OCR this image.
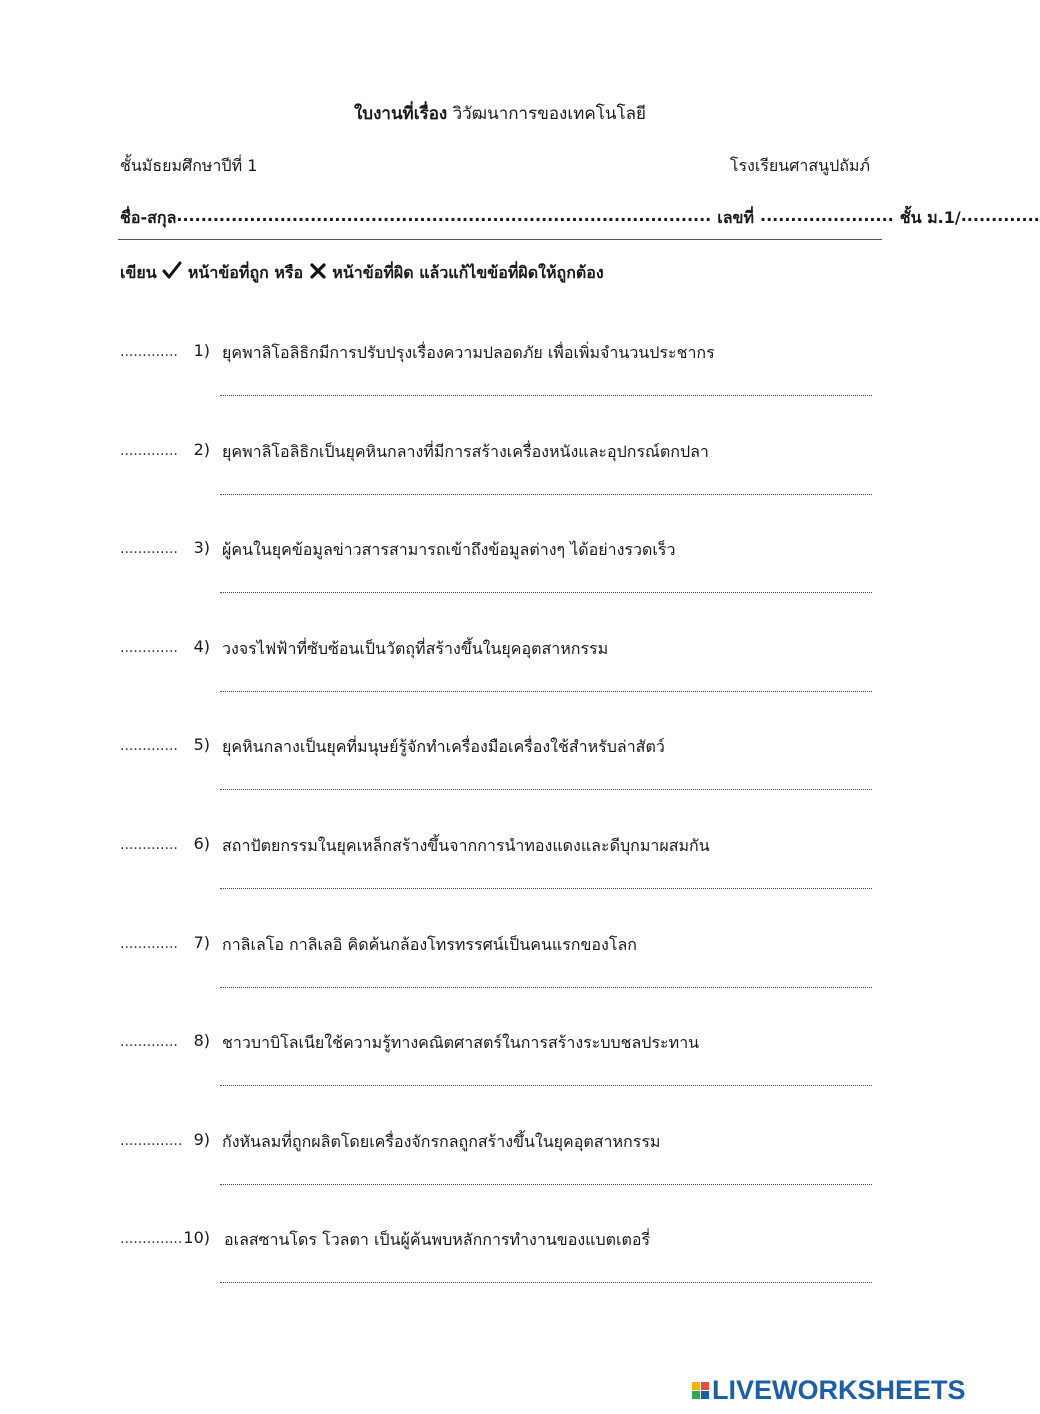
ใบงานที่เรื่อง วิวัฒนาการของเทคโนโลยี
ชั้นมัธยมศึกษาปีที่ 1	โรงเรียนศาสนูปถัมภ์
ชื่อ-สกุล ........................................................................................ เลขที่ ...................... ชั้น ม.1/ .............
เขียน หน้าข้อที่ถูก หรือ หน้าข้อที่ผิด แล้วแก้ไขข้อที่ผิดให้ถูกต้อง
............. 1) ยุคพาลิโอลิธิกมีการปรับปรุงเรื่องความปลอดภัย เพื่อเพิ่มจำนวนประชากร
............. 2) ยุคพาลิโอลิธิกเป็นยุคหินกลางที่มีการสร้างเครื่องหนังและอุปกรณ์ตกปลา
............. 3) ผู้คนในยุคข้อมูลข่าวสารสามารถเข้าถึงข้อมูลต่างๆ ได้อย่างรวดเร็ว
............. 4) วงจรไฟฟ้าที่ซับซ้อนเป็นวัตถุที่สร้างขึ้นในยุคอุตสาหกรรม
............. 5) ยุคหินกลางเป็นยุคที่มนุษย์รู้จักทำเครื่องมือเครื่องใช้สำหรับล่าสัตว์
............. 6) สถาปัตยกรรมในยุคเหล็กสร้างขึ้นจากการนำทองแดงและดีบุกมาผสมกัน
............. 7) กาลิเลโอ กาลิเลอิ คิดค้นกล้องโทรทรรศน์เป็นคนแรกของโลก
............. 8) ชาวบาบิโลเนียใช้ความรู้ทางคณิตศาสตร์ในการสร้างระบบชลประทาน
.............. 9) กังหันลมที่ถูกผลิตโดยเครื่องจักรกลถูกสร้างขึ้นในยุคอุตสาหกรรม
.............. 10) อเลสซานโดร โวลตา เป็นผู้ค้นพบหลักการทำงานของแบตเตอรี่
LIVEWORKSHEETS
